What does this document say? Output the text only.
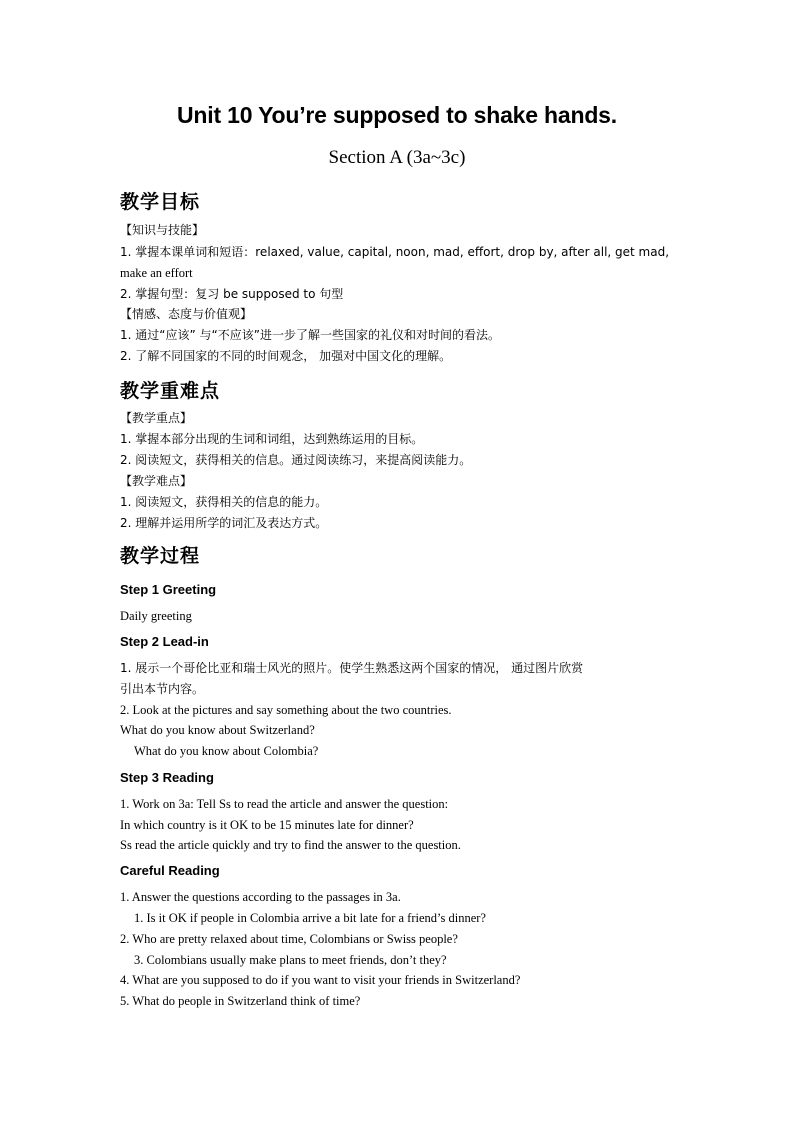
Unit 10 You’re supposed to shake hands.
Section A (3a~3c)
教学目标
【知识与技能】
1. 掌握本课单词和短语：relaxed, value, capital, noon, mad, effort, drop by, after all, get mad,
make an effort
2. 掌握句型：复习 be supposed to 句型
【情感、态度与价值观】
1. 通过“应该” 与“不应该”进一步了解一些国家的礼仪和对时间的看法。
2. 了解不同国家的不同的时间观念， 加强对中国文化的理解。
教学重难点
【教学重点】
1. 掌握本部分出现的生词和词组，达到熟练运用的目标。
2. 阅读短文，获得相关的信息。通过阅读练习，来提高阅读能力。
【教学难点】
1. 阅读短文，获得相关的信息的能力。
2. 理解并运用所学的词汇及表达方式。
教学过程
Step 1 Greeting
Daily greeting
Step 2 Lead-in
1. 展示一个哥伦比亚和瑞士风光的照片。使学生熟悉这两个国家的情况， 通过图片欣赏
引出本节内容。
2. Look at the pictures and say something about the two countries.
What do you know about Switzerland?
What do you know about Colombia?
Step 3 Reading
1. Work on 3a: Tell Ss to read the article and answer the question:
In which country is it OK to be 15 minutes late for dinner?
Ss read the article quickly and try to find the answer to the question.
Careful Reading
1. Answer the questions according to the passages in 3a.
1. Is it OK if people in Colombia arrive a bit late for a friend’s dinner?
2. Who are pretty relaxed about time, Colombians or Swiss people?
3. Colombians usually make plans to meet friends, don’t they?
4. What are you supposed to do if you want to visit your friends in Switzerland?
5. What do people in Switzerland think of time?
